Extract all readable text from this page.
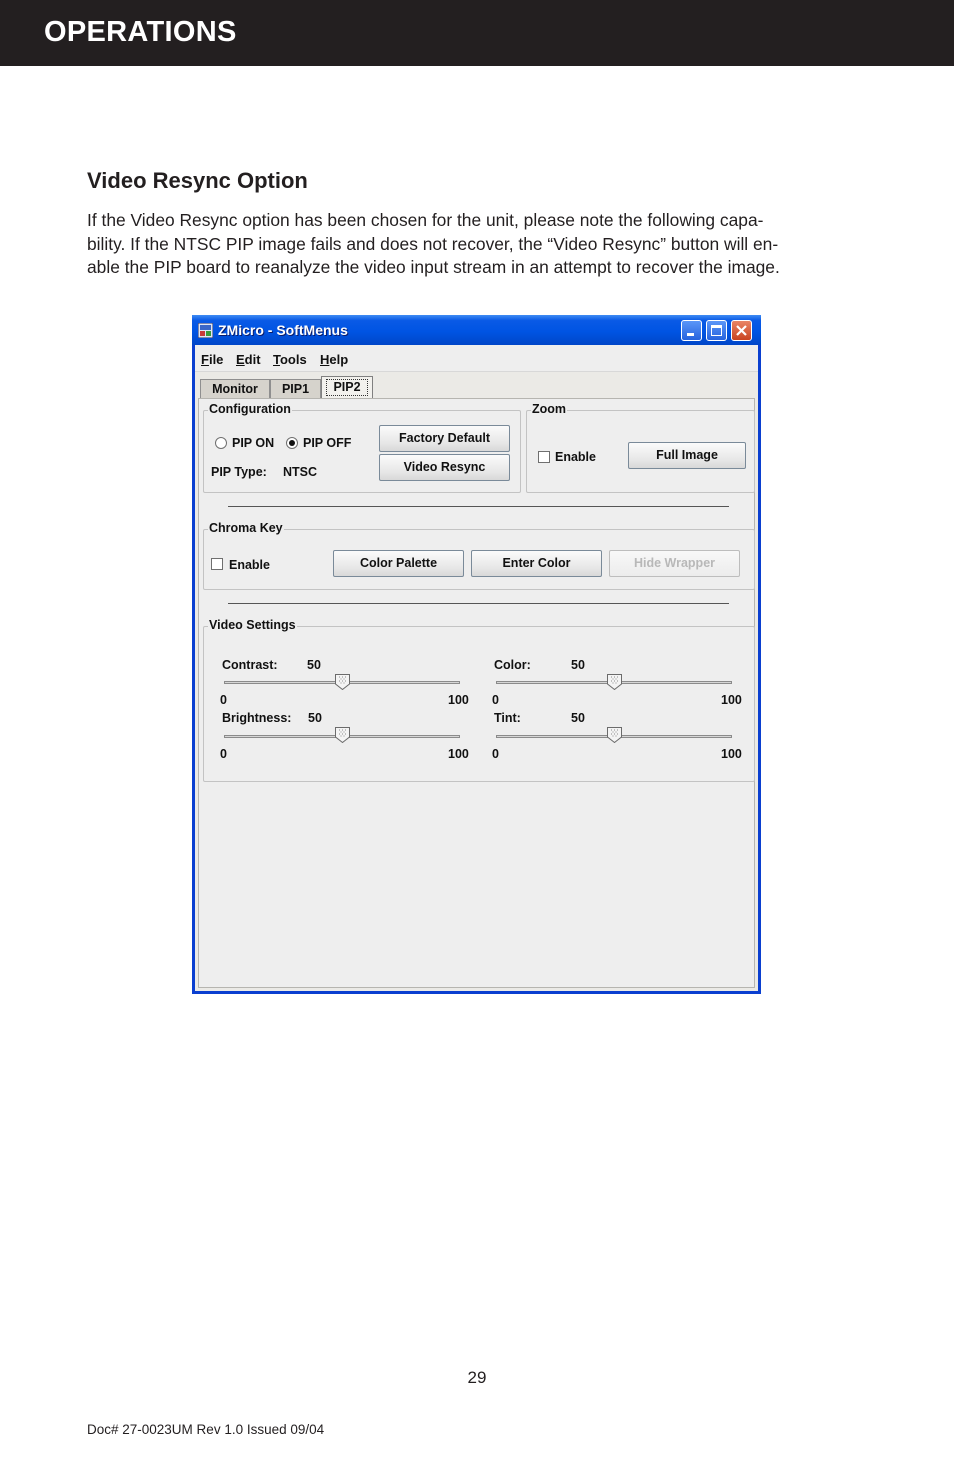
OPERATIONS
Video Resync Option
If the Video Resync option has been chosen for the unit, please note the following capa-
bility. If the NTSC PIP image fails and does not recover, the “Video Resync” button will en-
able the PIP board to reanalyze the video input stream in an attempt to recover the image.
ZMicro - SoftMenus
File Edit Tools Help
Monitor	PIP1	PIP2
Configuration
PIP ON PIP OFF
PIP Type: NTSC
Factory Default
Video Resync
Zoom
Enable	Full Image
Chroma Key
Enable	Color Palette	Enter Color	Hide Wrapper
Video Settings
Contrast: 50
0	100
Color:	50
0	100
Brightness: 50
0	100
Tint:	50
0	100
29
Doc# 27-0023UM Rev 1.0 Issued 09/04
